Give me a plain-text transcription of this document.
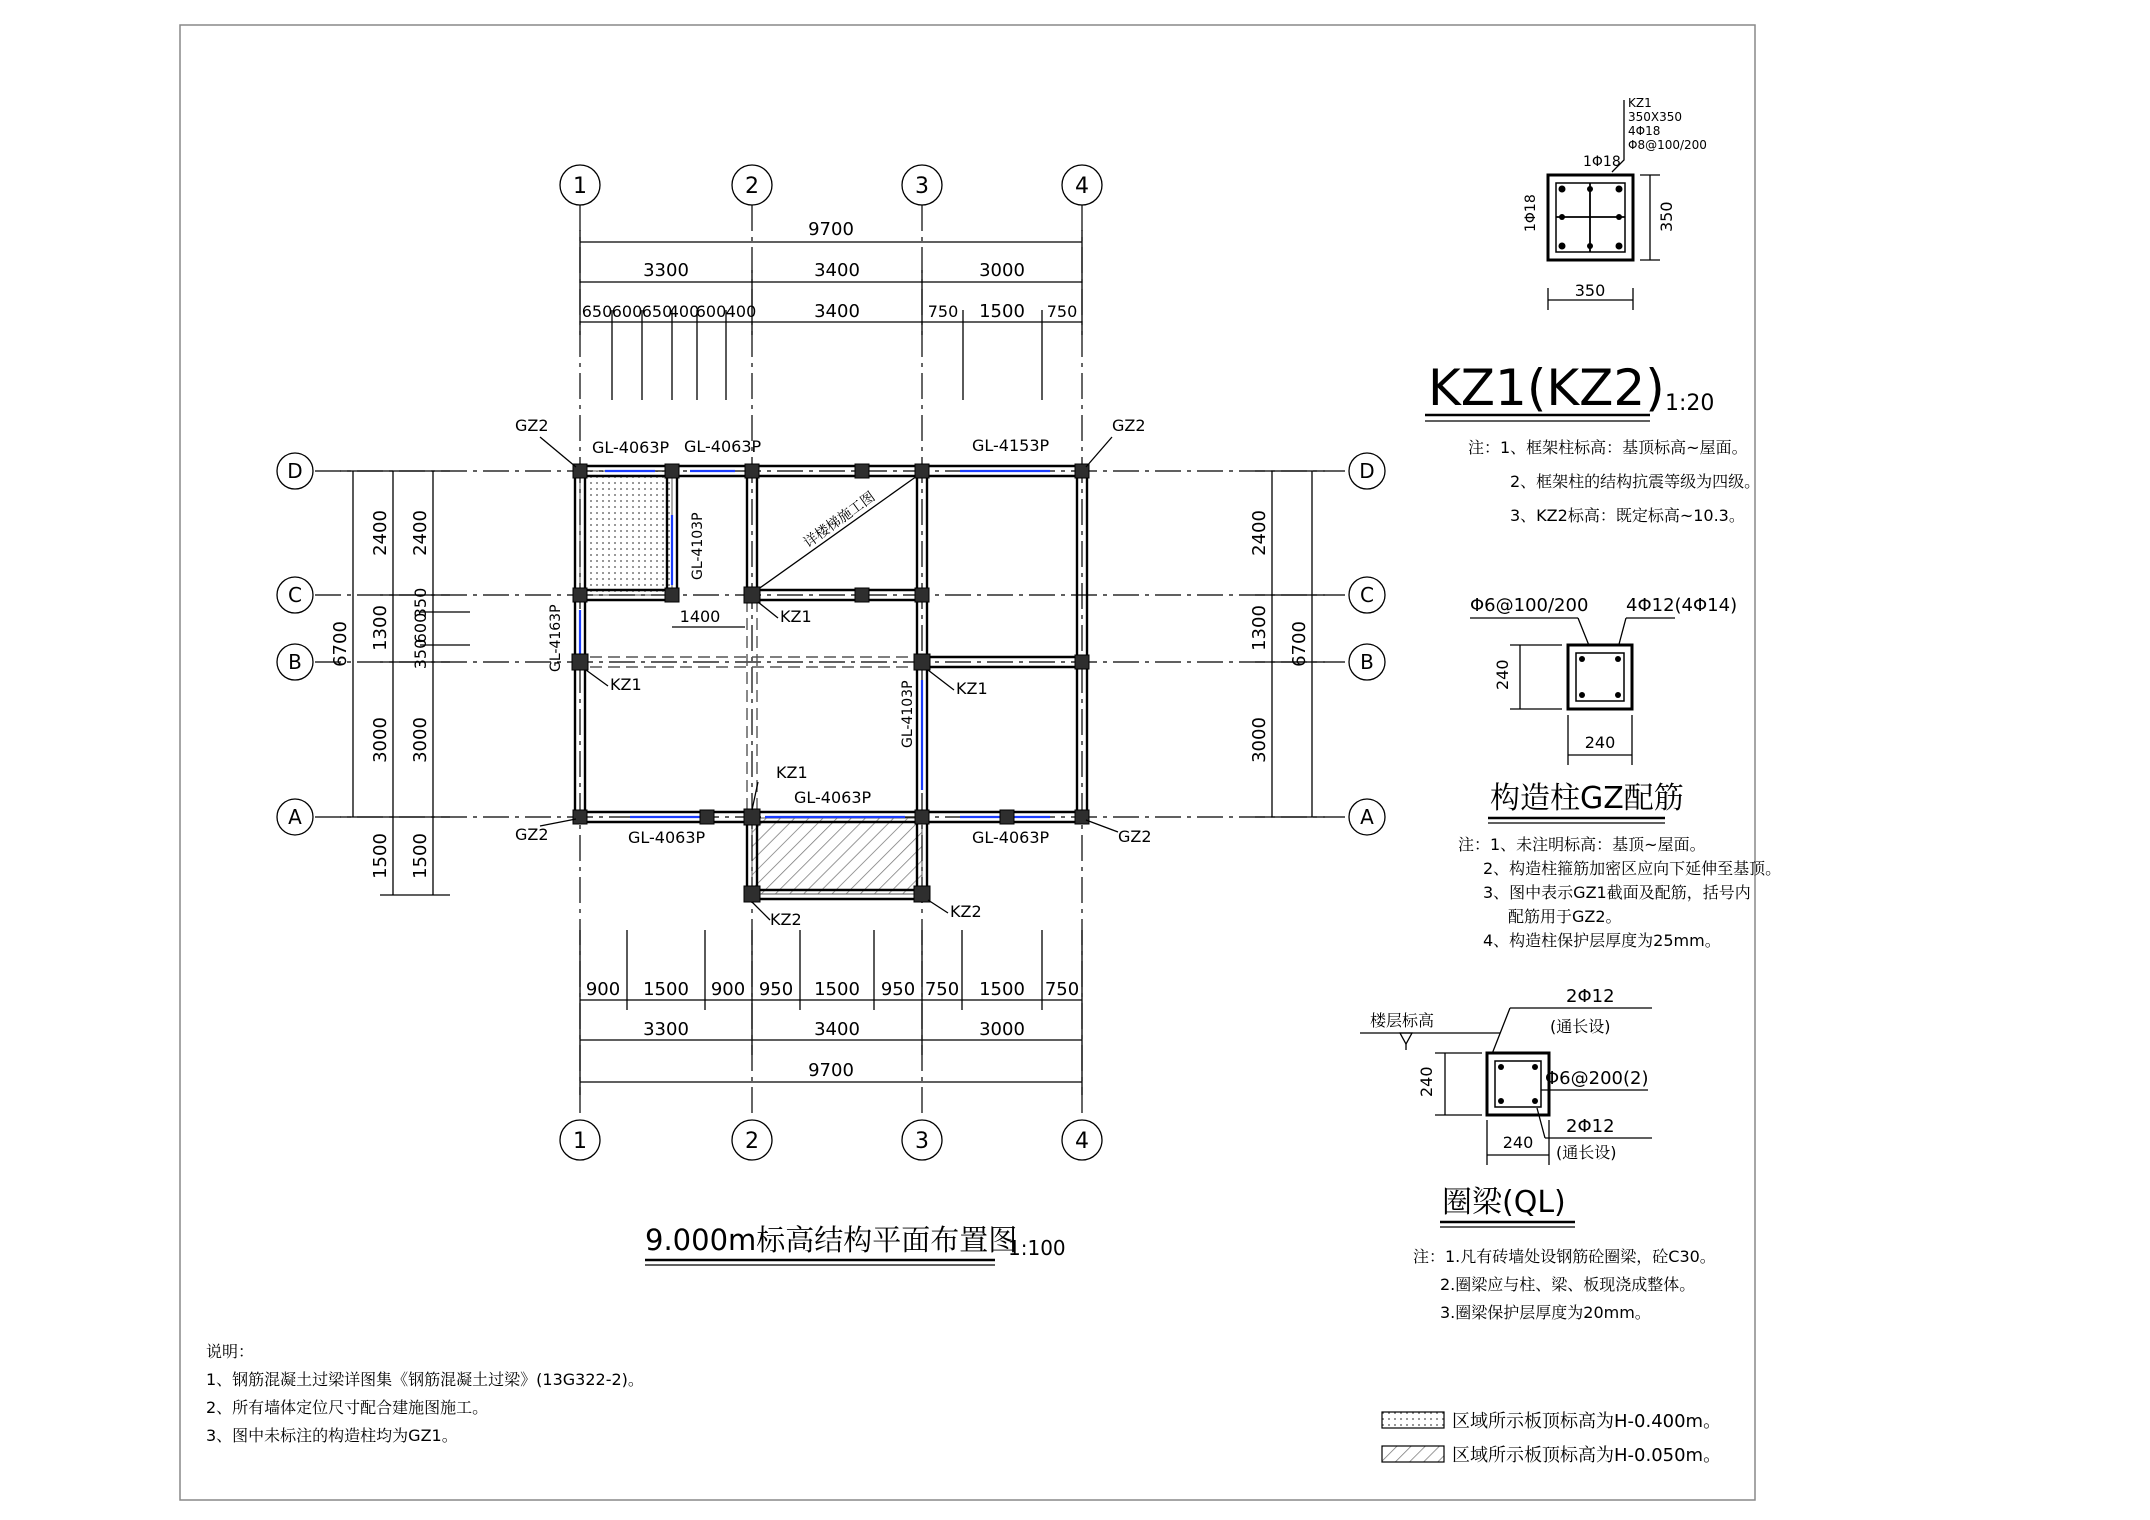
1	2	3	4
1	2	3	4
D
C
B
A
D
C
B
A
9700
3300	3400	3000
650 600 650
400
600 400	3400	750 1500 750
900 1500 900 950 1500 950 750 1500 750
3300	3400	3000
9700
6700
2400
1300
3000
1500
2400
350
600
350
3000
1500
2400
1300
3000
6700
GZ2	GZ2
GZ2	GZ2
GL-4063P GL-4063P	GL-4153P
GL-4103P
GL-4163P
GL-4103P
GL-4063P
GL-4063P
GL-4063P
KZ1
KZ1	KZ1
KZ1
KZ2	KZ2
1400
详楼梯施工图
9.000m标高结构平面布置图
1:100
KZ1
350X350
4Φ18
Φ8@100/200
1Φ18
1Φ18	350
350
KZ1(KZ2) 1:20
注：1、框架柱标高：基顶标高~屋面。
2、框架柱的结构抗震等级为四级。
3、KZ2标高：既定标高~10.3。
Φ6@100/200 4Φ12(4Φ14)
240
240
构造柱GZ配筋
注：1、未注明标高：基顶~屋面。
2、构造柱箍筋加密区应向下延伸至基顶。
3、图中表示GZ1截面及配筋，括号内
配筋用于GZ2。
4、构造柱保护层厚度为25mm。
楼层标高
2Φ12
(通长设)
Φ6@200(2)
240
240
2Φ12
(通长设)
圈梁(QL)
注：1.凡有砖墙处设钢筋砼圈梁，砼C30。
2.圈梁应与柱、梁、板现浇成整体。
3.圈梁保护层厚度为20mm。
说明：
1、钢筋混凝土过梁详图集《钢筋混凝土过梁》(13G322-2)。
2、所有墙体定位尺寸配合建施图施工。
3、图中未标注的构造柱均为GZ1。
区域所示板顶标高为H-0.400m。
区域所示板顶标高为H-0.050m。
